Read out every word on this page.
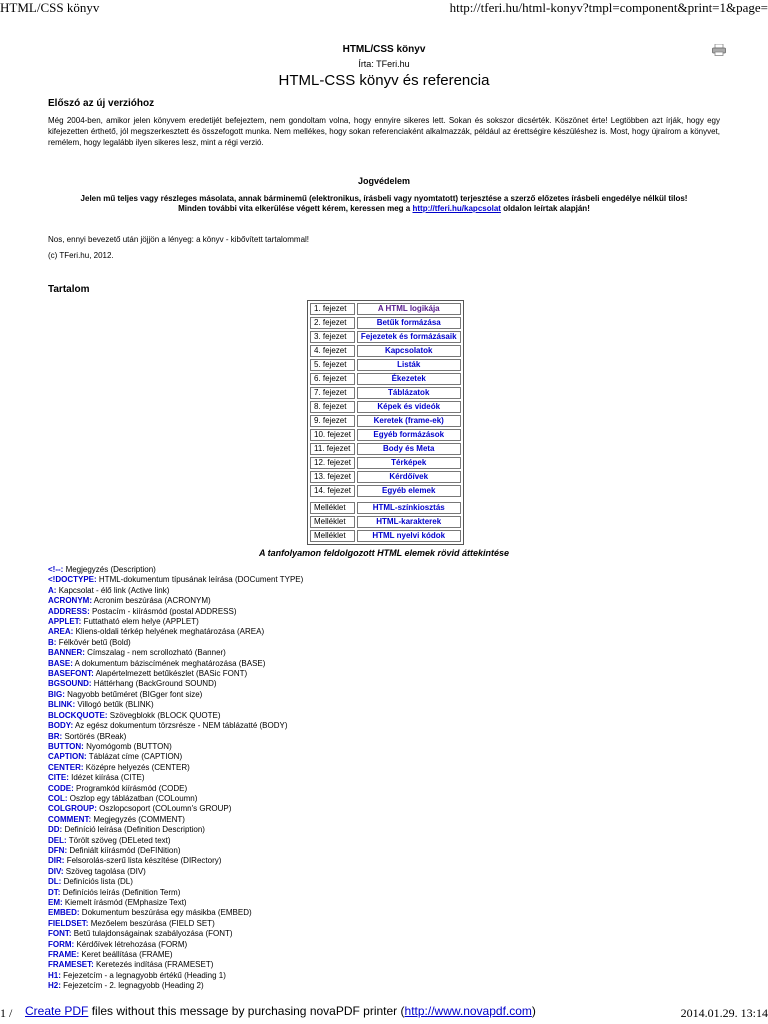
HTML/CSS könyv	http://tferi.hu/html-konyv?tmpl=component&print=1&page=
HTML/CSS könyv
Írta: TFeri.hu
HTML-CSS könyv és referencia
Előszó az új verzióhoz

Még 2004-ben, amikor jelen könyvem eredetijét befejeztem, nem gondoltam volna, hogy ennyire sikeres lett. Sokan és sokszor dicsérték. Köszönet érte! Legtöbben azt írják, hogy egy kifejezetten érthető, jól megszerkesztett és összefogott munka. Nem mellékes, hogy sokan referenciaként alkalmazzák, például az érettségire készüléshez is. Most, hogy újraírom a könyvet, remélem, hogy legalább ilyen sikeres lesz, mint a régi verzió.

Jogvédelem
Jelen mű teljes vagy részleges másolata, annak bárminemű (elektronikus, írásbeli vagy nyomtatott) terjesztése a szerző előzetes írásbeli engedélye nélkül tilos!
Minden további vita elkerülése végett kérem, keressen meg a http://tferi.hu/kapcsolat oldalon leírtak alapján!
Nos, ennyi bevezető után jöjjön a lényeg: a könyv - kibővített tartalommal!
(c) TFeri.hu, 2012.
Tartalom
1. fejezet	A HTML logikája
2. fejezet	Betűk formázása
3. fejezet	Fejezetek és formázásaik
4. fejezet	Kapcsolatok
5. fejezet	Listák
6. fejezet	Ékezetek
7. fejezet	Táblázatok
8. fejezet	Képek és videók
9. fejezet	Keretek (frame-ek)
10. fejezet	Egyéb formázások
11. fejezet	Body és Meta
12. fejezet	Térképek
13. fejezet	Kérdőívek
14. fejezet	Egyéb elemek

Melléklet	HTML-színkiosztás
Melléklet	HTML-karakterek
Melléklet	HTML nyelvi kódok
A tanfolyamon feldolgozott HTML elemek rövid áttekintése
<!--: Megjegyzés (Description)
<!DOCTYPE: HTML-dokumentum típusának leírása (DOCument TYPE)
A: Kapcsolat - élő link (Active link)
ACRONYM: Acronim beszúrása (ACRONYM)
ADDRESS: Postacím - kiírásmód (postal ADDRESS)
APPLET: Futtatható elem helye (APPLET)
AREA: Kliens-oldali térkép helyének meghatározása (AREA)
B: Félkövér betű (Bold)
BANNER: Címszalag - nem scrollozható (Banner)
BASE: A dokumentum báziscímének meghatározása (BASE)
BASEFONT: Alapértelmezett betűkészlet (BASic FONT)
BGSOUND: Háttérhang (BackGround SOUND)
BIG: Nagyobb betűméret (BIGger font size)
BLINK: Villogó betűk (BLINK)
BLOCKQUOTE: Szövegblokk (BLOCK QUOTE)
BODY: Az egész dokumentum törzsrésze - NEM táblázatté (BODY)
BR: Sortörés (BReak)
BUTTON: Nyomógomb (BUTTON)
CAPTION: Táblázat címe (CAPTION)
CENTER: Középre helyezés (CENTER)
CITE: Idézet kiírása (CITE)
CODE: Programkód kiírásmód (CODE)
COL: Oszlop egy táblázatban (COLoumn)
COLGROUP: Oszlopcsoport (COLoumn's GROUP)
COMMENT: Megjegyzés (COMMENT)
DD: Definíció leírása (Definition Description)
DEL: Törölt szöveg (DELeted text)
DFN: Definiált kiírásmód (DeFINition)
DIR: Felsorolás-szerű lista készítése (DIRectory)
DIV: Szöveg tagolása (DIV)
DL: Definíciós lista (DL)
DT: Definíciós leírás (Definition Term)
EM: Kiemelt írásmód (EMphasize Text)
EMBED: Dokumentum beszúrása egy másikba (EMBED)
FIELDSET: Mezőelem beszúrása (FIELD SET)
FONT: Betű tulajdonságainak szabályozása (FONT)
FORM: Kérdőívek létrehozása (FORM)
FRAME: Keret beállítása (FRAME)
FRAMESET: Keretezés indítása (FRAMESET)
H1: Fejezetcím - a legnagyobb értékű (Heading 1)
H2: Fejezetcím - 2. legnagyobb (Heading 2)
1 / Create PDF files without this message by purchasing novaPDF printer (http://www.novapdf.com)	2014.01.29. 13:14
